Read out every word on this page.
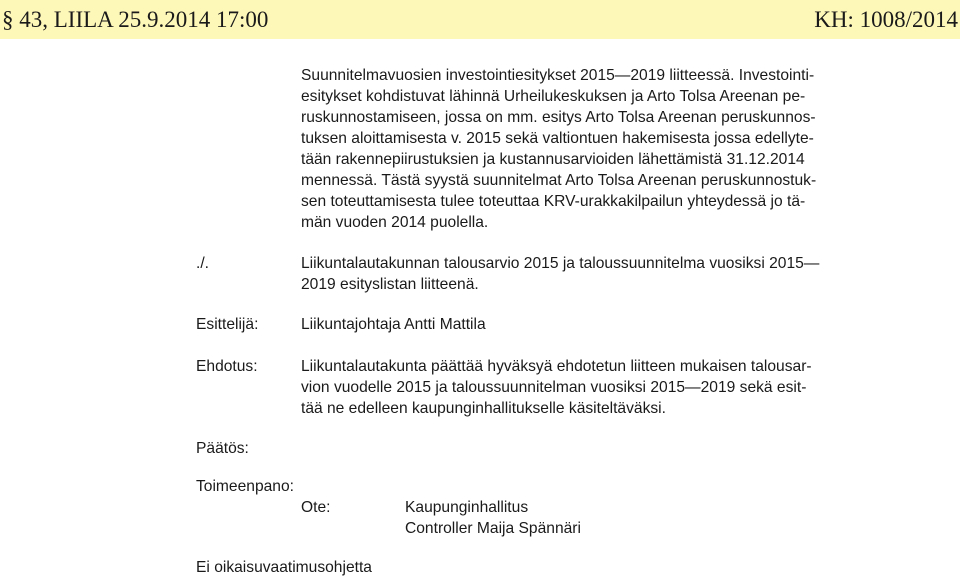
§ 43, LIILA 25.9.2014 17:00	KH: 1008/2014
Suunnitelmavuosien investointiesitykset 2015—2019 liitteessä. Investointi-
esitykset kohdistuvat lähinnä Urheilukeskuksen ja Arto Tolsa Areenan pe-
ruskunnostamiseen, jossa on mm. esitys Arto Tolsa Areenan peruskunnos-
tuksen aloittamisesta v. 2015 sekä valtiontuen hakemisesta jossa edellyte-
tään rakennepiirustuksien ja kustannusarvioiden lähettämistä 31.12.2014
mennessä. Tästä syystä suunnitelmat Arto Tolsa Areenan peruskunnostuk-
sen toteuttamisesta tulee toteuttaa KRV-urakkakilpailun yhteydessä jo tä-
män vuoden 2014 puolella.
./.	Liikuntalautakunnan talousarvio 2015 ja taloussuunnitelma vuosiksi 2015—
2019 esityslistan liitteenä.
Esittelijä:	Liikuntajohtaja Antti Mattila
Ehdotus:	Liikuntalautakunta päättää hyväksyä ehdotetun liitteen mukaisen talousar-
vion vuodelle 2015 ja taloussuunnitelman vuosiksi 2015—2019 sekä esit-
tää ne edelleen kaupunginhallitukselle käsiteltäväksi.
Päätös:
Toimeenpano:
Ote:	Kaupunginhallitus
Controller Maija Spännäri
Ei oikaisuvaatimusohjetta
